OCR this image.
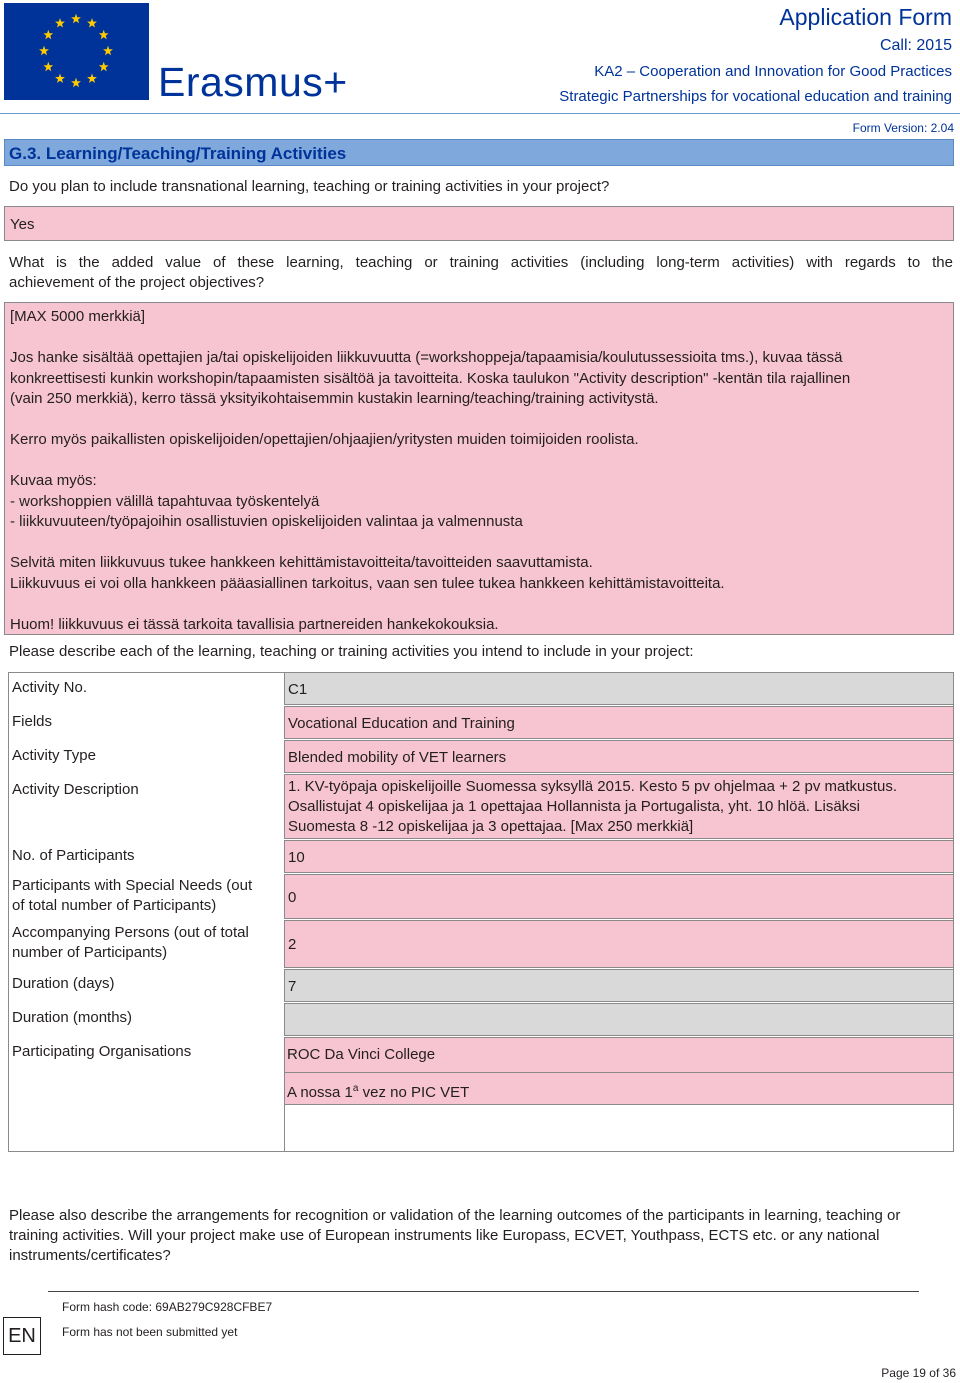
Erasmus+
Application Form
Call: 2015
KA2 – Cooperation and Innovation for Good Practices
Strategic Partnerships for vocational education and training
Form Version: 2.04
G.3. Learning/Teaching/Training Activities
Do you plan to include transnational learning, teaching or training activities in your project?
Yes
What is the added value of these learning, teaching or training activities (including long-term activities) with regards to the
achievement of the project objectives?

[MAX 5000 merkkiä]

Jos hanke sisältää opettajien ja/tai opiskelijoiden liikkuvuutta (=workshoppeja/tapaamisia/koulutussessioita tms.), kuvaa tässä
konkreettisesti kunkin workshopin/tapaamisten sisältöä ja tavoitteita. Koska taulukon "Activity description" -kentän tila rajallinen
(vain 250 merkkiä), kerro tässä yksityikohtaisemmin kustakin learning/teaching/training activitystä.

Kerro myös paikallisten opiskelijoiden/opettajien/ohjaajien/yritysten muiden toimijoiden roolista.

Kuvaa myös:
- workshoppien välillä tapahtuvaa työskentelyä
- liikkuvuuteen/työpajoihin osallistuvien opiskelijoiden valintaa ja valmennusta

Selvitä miten liikkuvuus tukee hankkeen kehittämistavoitteita/tavoitteiden saavuttamista.
Liikkuvuus ei voi olla hankkeen pääasiallinen tarkoitus, vaan sen tulee tukea hankkeen kehittämistavoitteita.

Huom! liikkuvuus ei tässä tarkoita tavallisia partnereiden hankekokouksia.

Please describe each of the learning, teaching or training activities you intend to include in your project:
Activity No.	C1
Fields	Vocational Education and Training
Activity Type	Blended mobility of VET learners
Activity Description	1. KV-työpaja opiskelijoille Suomessa syksyllä 2015. Kesto 5 pv ohjelmaa + 2 pv matkustus.
Osallistujat 4 opiskelijaa ja 1 opettajaa Hollannista ja Portugalista, yht. 10 hlöä. Lisäksi
Suomesta 8 -12 opiskelijaa ja 3 opettajaa. [Max 250 merkkiä]
No. of Participants	10
Participants with Special Needs (out
of total number of Participants)	0
Accompanying Persons (out of total
number of Participants)	2
Duration (days)	7
Duration (months)
Participating Organisations	ROC Da Vinci College
A nossa 1$^a$ vez no PIC VET
Please also describe the arrangements for recognition or validation of the learning outcomes of the participants in learning, teaching or training activities. Will your project make use of European instruments like Europass, ECVET, Youthpass, ECTS etc. or any national instruments/certificates?
EN
Form hash code: 69AB279C928CFBE7
Form has not been submitted yet
Page 19 of 36
